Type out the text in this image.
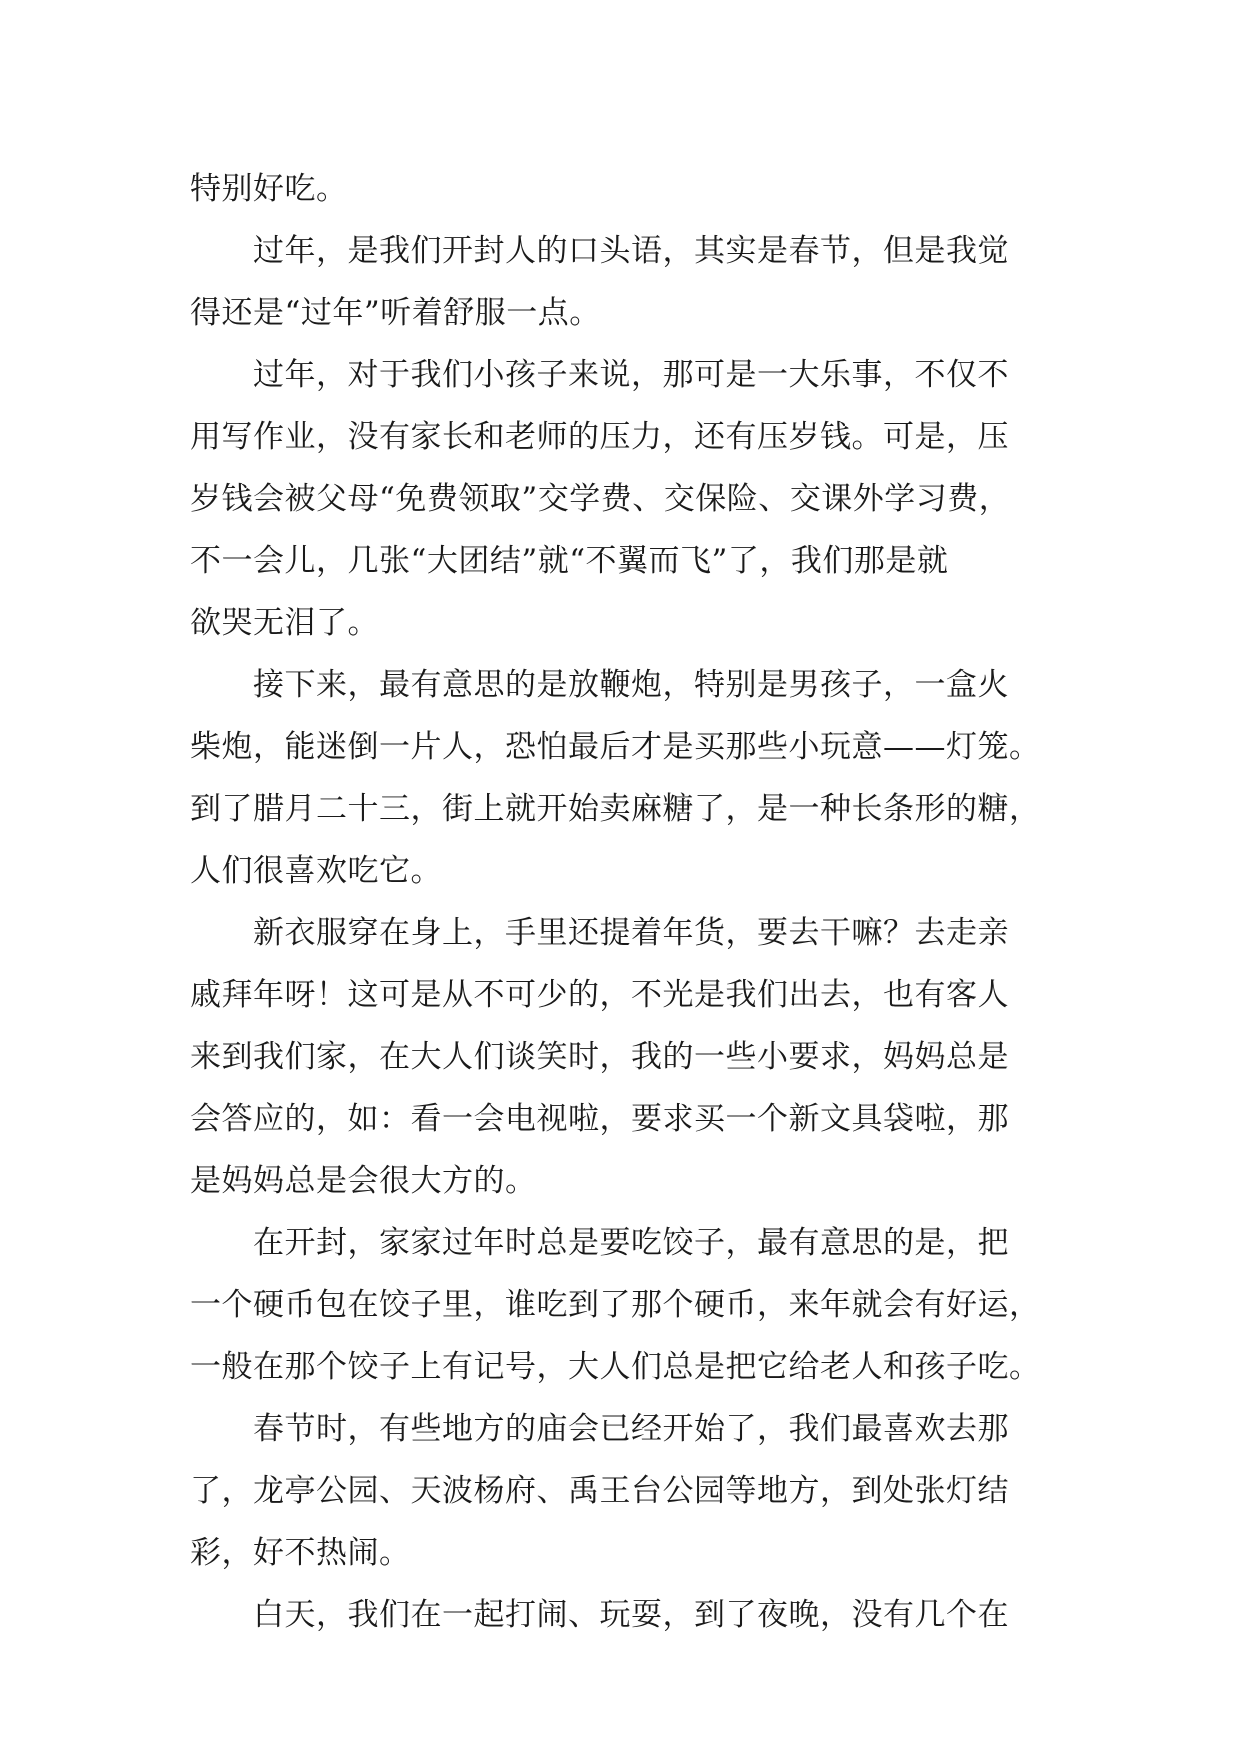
特别好吃。
　　过年，是我们开封人的口头语，其实是春节，但是我觉
得还是“过年”听着舒服一点。
　　过年，对于我们小孩子来说，那可是一大乐事，不仅不
用写作业，没有家长和老师的压力，还有压岁钱。可是，压
岁钱会被父母“免费领取”交学费、交保险、交课外学习费，
不一会儿，几张“大团结”就“不翼而飞”了，我们那是就
欲哭无泪了。
　　接下来，最有意思的是放鞭炮，特别是男孩子，一盒火
柴炮，能迷倒一片人，恐怕最后才是买那些小玩意——灯笼。
到了腊月二十三，街上就开始卖麻糖了，是一种长条形的糖，
人们很喜欢吃它。
　　新衣服穿在身上，手里还提着年货，要去干嘛？去走亲
戚拜年呀！这可是从不可少的，不光是我们出去，也有客人
来到我们家，在大人们谈笑时，我的一些小要求，妈妈总是
会答应的，如：看一会电视啦，要求买一个新文具袋啦，那
是妈妈总是会很大方的。
　　在开封，家家过年时总是要吃饺子，最有意思的是，把
一个硬币包在饺子里，谁吃到了那个硬币，来年就会有好运，
一般在那个饺子上有记号，大人们总是把它给老人和孩子吃。
　　春节时，有些地方的庙会已经开始了，我们最喜欢去那
了，龙亭公园、天波杨府、禹王台公园等地方，到处张灯结
彩，好不热闹。
　　白天，我们在一起打闹、玩耍，到了夜晚，没有几个在
